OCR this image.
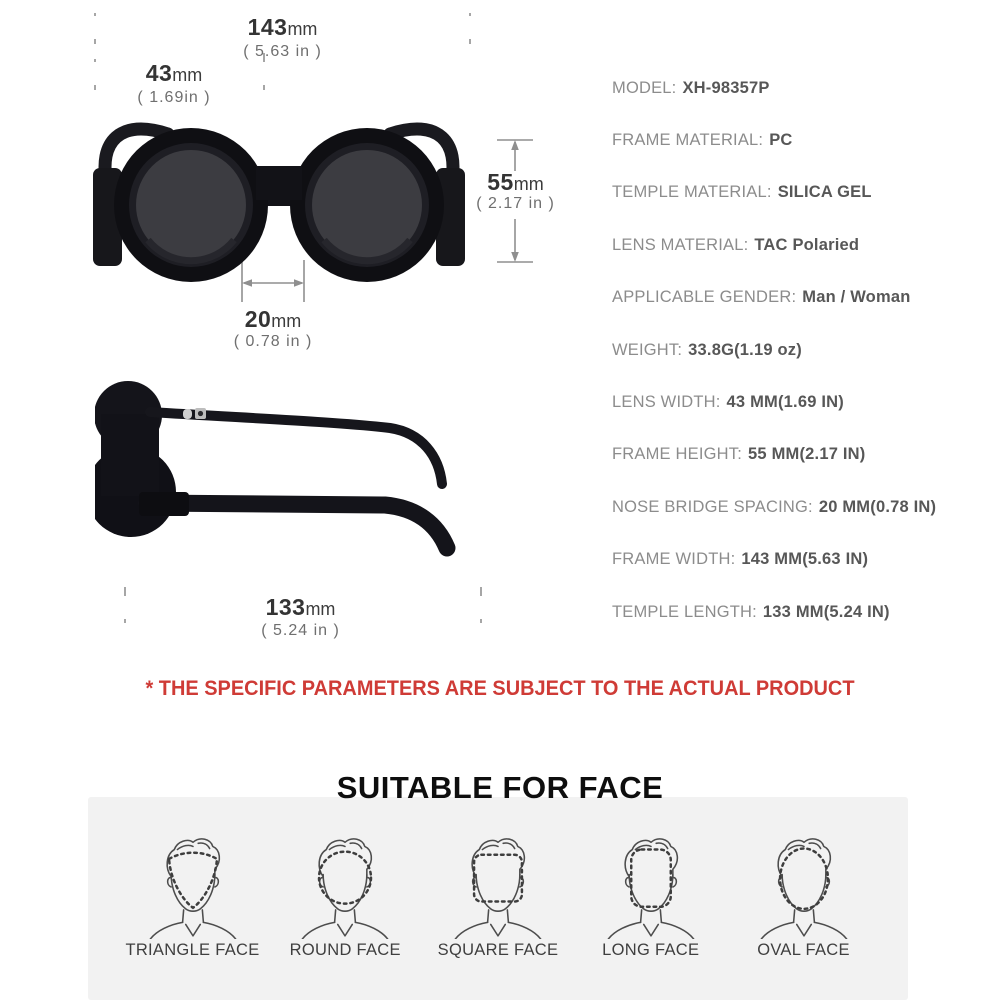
143mm
( 5.63 in )
43mm
( 1.69in )
55mm
( 2.17 in )
20mm
( 0.78 in )
133mm
( 5.24 in )
MODEL: XH-98357P
FRAME MATERIAL: PC
TEMPLE MATERIAL: SILICA GEL
LENS MATERIAL: TAC Polaried
APPLICABLE GENDER: Man / Woman
WEIGHT: 33.8G(1.19 oz)
LENS WIDTH: 43 MM(1.69 IN)
FRAME HEIGHT: 55 MM(2.17 IN)
NOSE BRIDGE SPACING: 20 MM(0.78 IN)
FRAME WIDTH: 143 MM(5.63 IN)
TEMPLE LENGTH: 133 MM(5.24 IN)
* THE SPECIFIC PARAMETERS ARE SUBJECT TO THE ACTUAL PRODUCT
SUITABLE FOR FACE
TRIANGLE FACE	ROUND FACE	SQUARE FACE	LONG FACE	OVAL FACE
